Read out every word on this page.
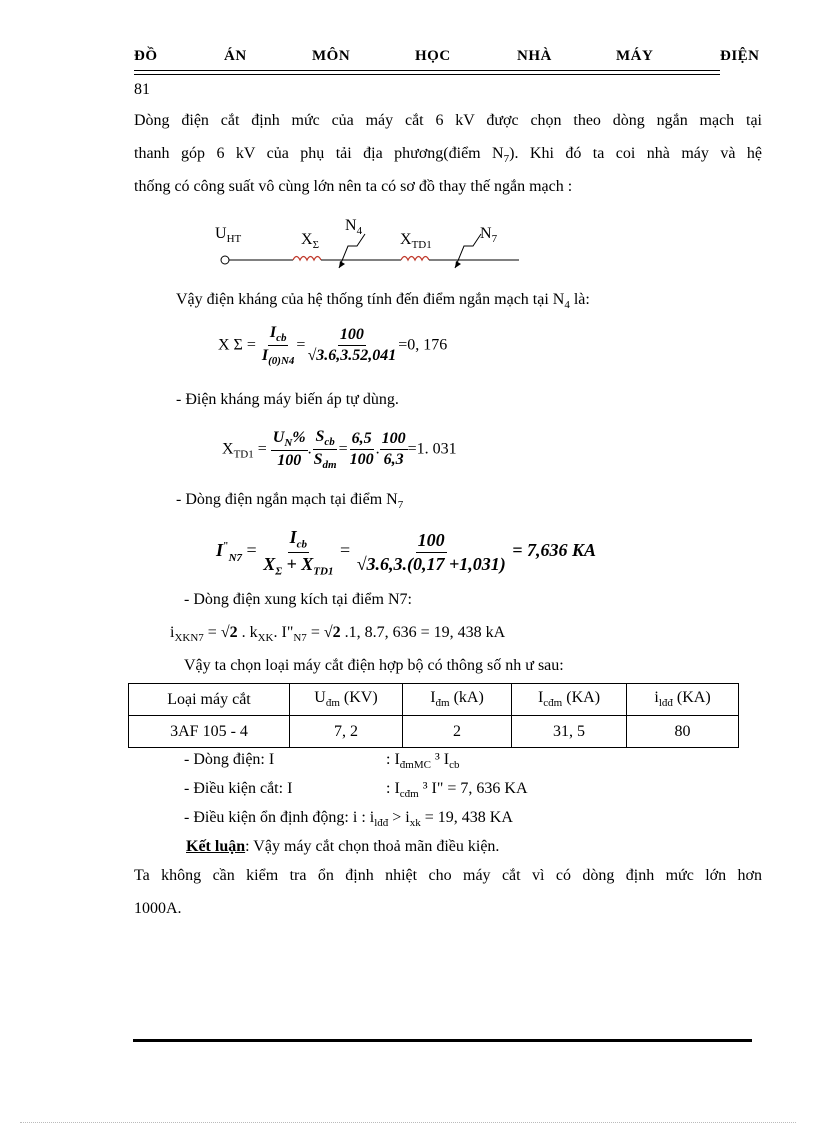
ĐỒ	ÁN	MÔN	HỌC	NHÀ	MÁY	ĐIỆN
81
Dòng điện cắt định mức của máy cắt 6 kV được chọn theo dòng ngắn mạch tại
thanh góp 6 kV của phụ tải địa phương(điểm $N_7$). Khi đó ta coi nhà máy và hệ
thống có công suất vô cùng lớn nên ta có sơ đồ thay thế ngắn mạch :
$U_{HT}$	$X_\Sigma$
$N_4$ $X_{TD1}$
$N_7$
Vậy điện kháng của hệ thống tính đến điểm ngắn mạch tại $N_4$ là:
X $\Sigma = \frac{I_{cb}}{I_{(0)N4}} = \frac{100}{√3.6,3.52,041} =0$, 176
- Điện kháng máy biến áp tự dùng.
$X_{TD1} = \frac{U_N\%}{100}$ . $\frac{S_{cb}}{S_{dm}} = \frac{6,5}{100}$ . $\frac{100}{6,3} =1$. 031
- Dòng điện ngắn mạch tại điểm $N_7$
$I^"_{N7} = \frac{I_{cb}}{X_\Sigma + X_{TD1}} = \frac{100}{√3.6,3.(0,17 +1,031)} = 7,636$ KA
- Dòng điện xung kích tại điểm N7:
$i_{XKN7} = √2$ . $k_{XK}$. $I"_{N7} = √2$ .1, 8.7, 636 = 19, 438 kA
Vậy ta chọn loại máy cắt điện hợp bộ có thông số nh ư sau:
Loại máy cắt	$U_{đm}$ (KV)	$I_{đm}$ (kA)	$I_{cđm}$ (KA)	$i_{lđđ}$ (KA)
3AF 105 - 4	7, 2	2	31, 5	80
- Dòng điện: I	: $I_{đmMC}$ ³ $I_{cb}$
- Điều kiện cắt: I	: $I_{cđm}$ ³ I" = 7, 636 KA
- Điều kiện ổn định động: i : $i_{lđđ} > i_{xk} = 19$, 438 KA
Kết luận: Vậy máy cắt chọn thoả mãn điều kiện.
Ta không cần kiểm tra ổn định nhiệt cho máy cắt vì có dòng định mức lớn hơn
1000A.
